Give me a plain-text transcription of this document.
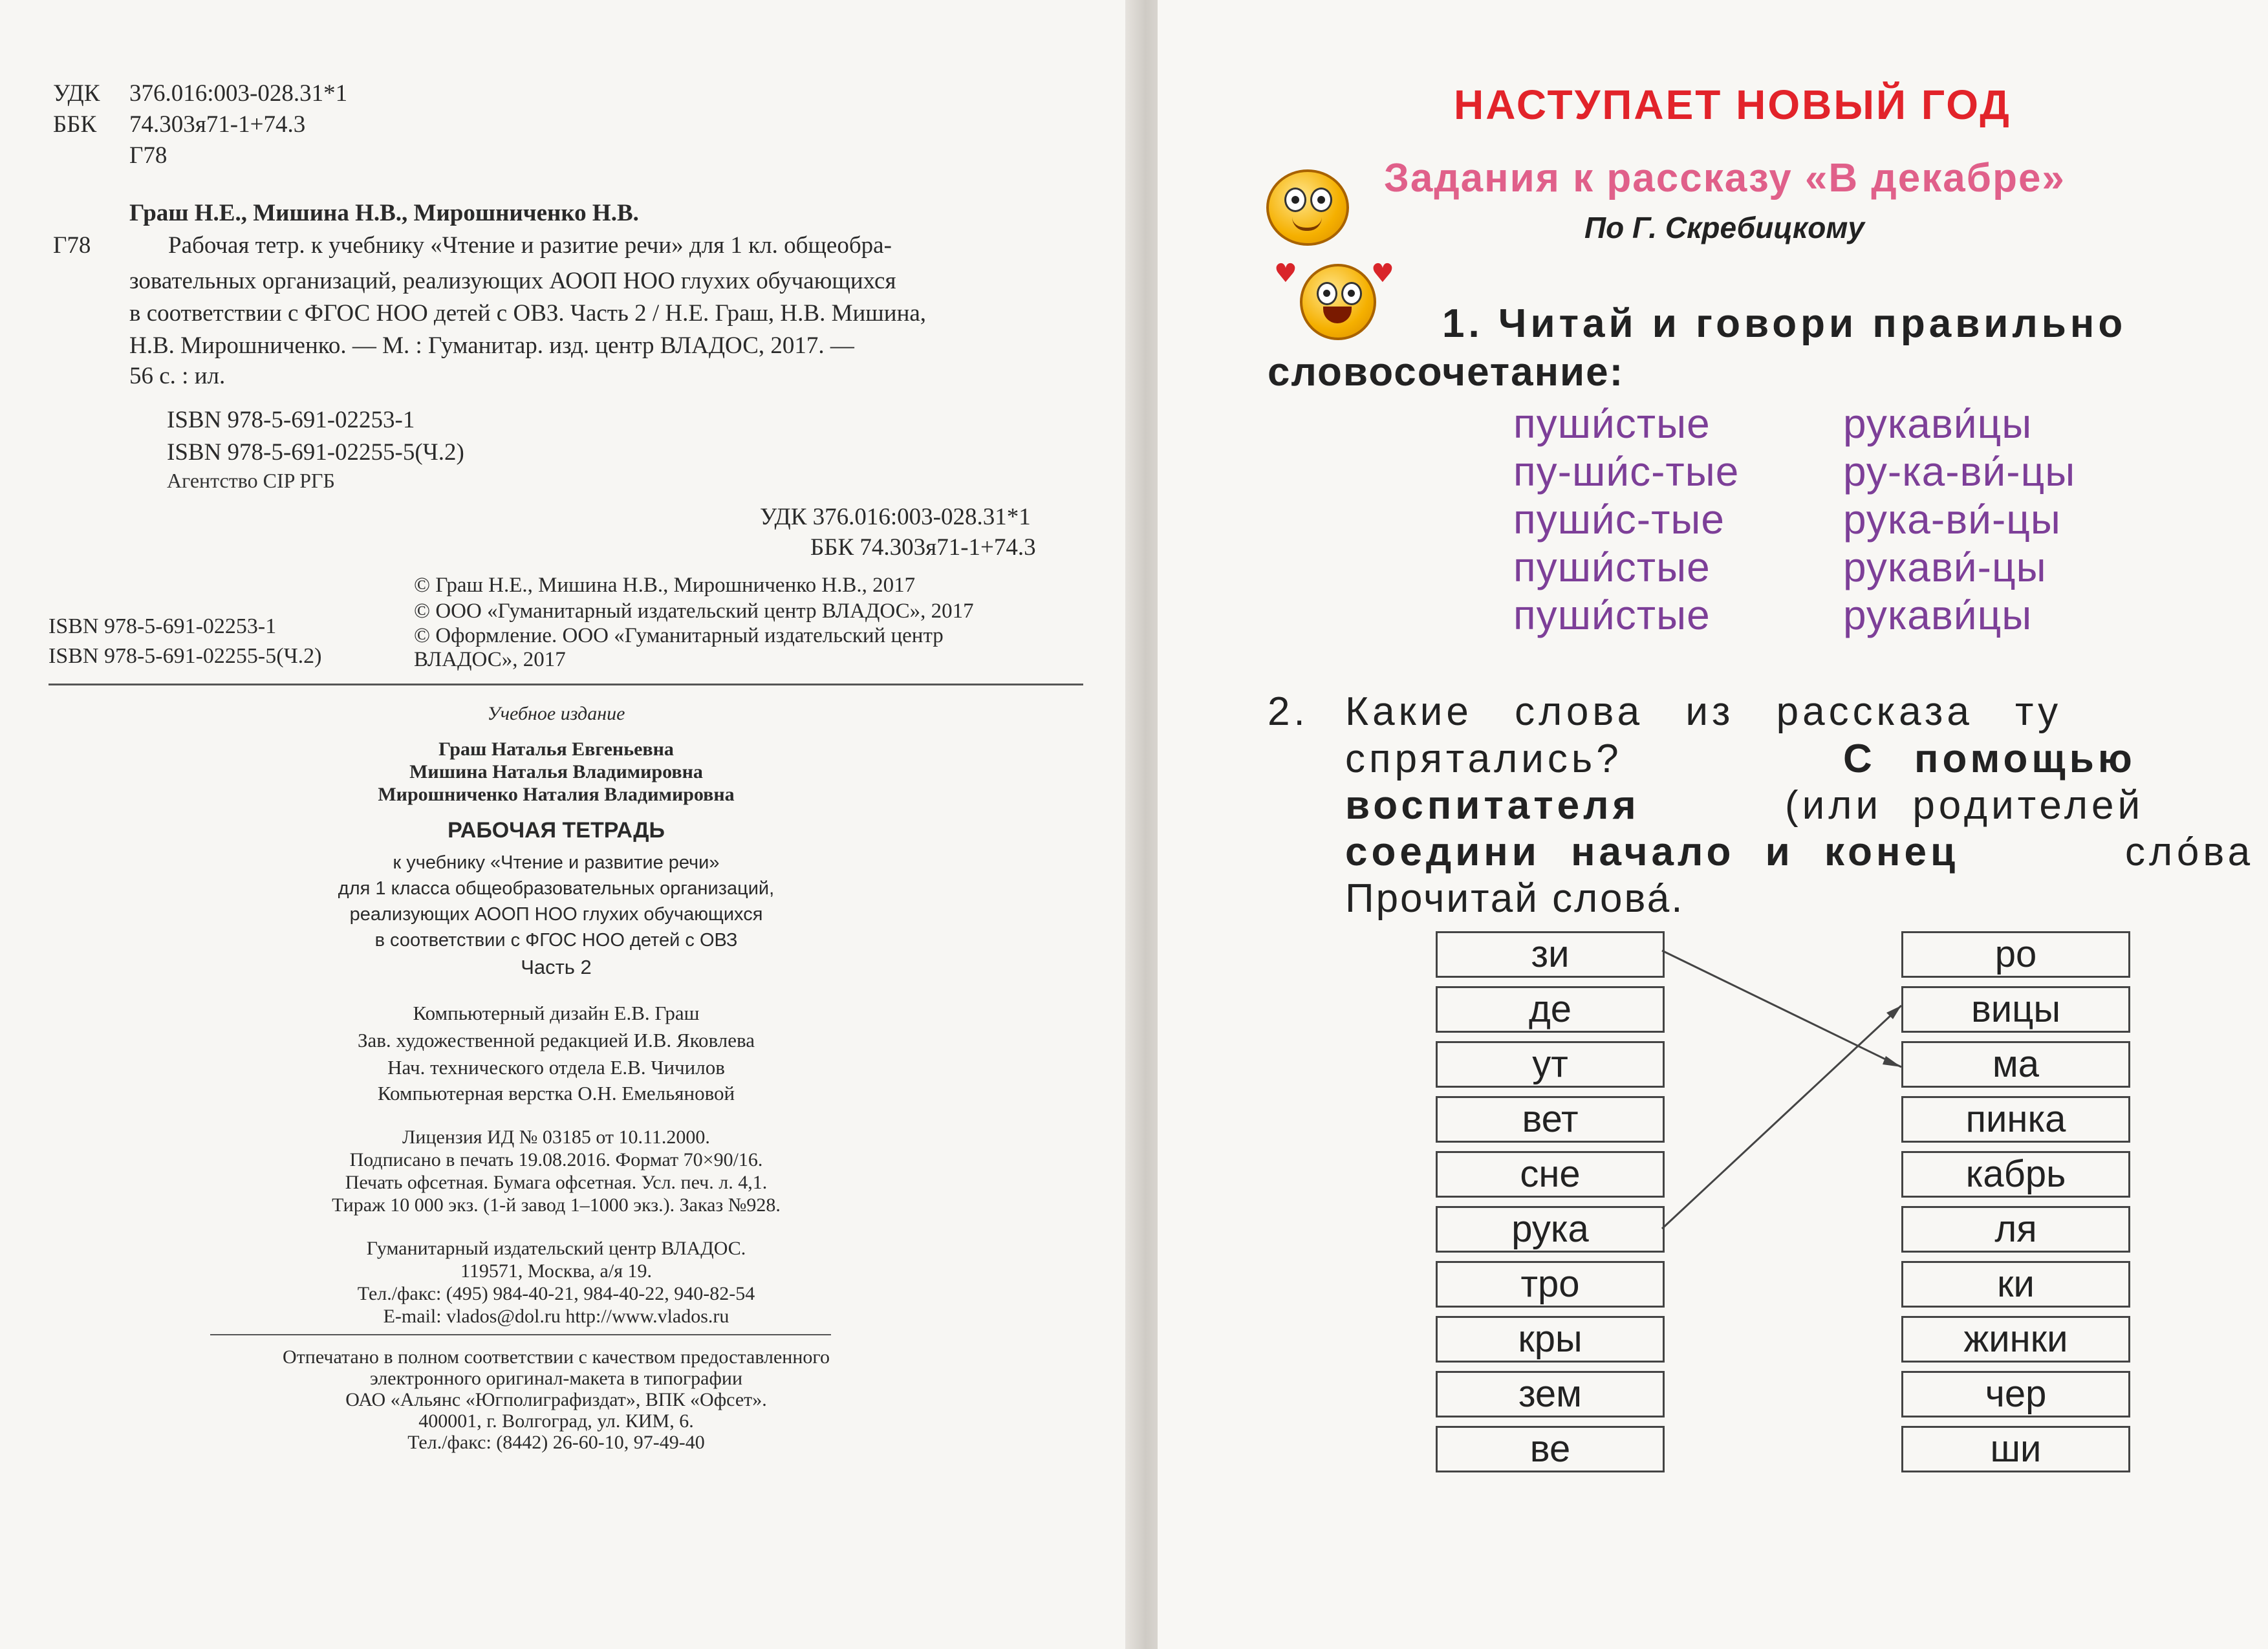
УДК 376.016:003-028.31*1
ББК 74.303я71-1+74.3
Г78
Граш Н.Е., Мишина Н.В., Мирошниченко Н.В.
Г78	Рабочая тетр. к учебнику «Чтение и разитие речи» для 1 кл. общеобра-
зовательных организаций, реализующих АООП НОО глухих обучающихся
в соответствии с ФГОС НОО детей с ОВЗ. Часть 2 / Н.Е. Граш, Н.В. Мишина,
Н.В. Мирошниченко. — М. : Гуманитар. изд. центр ВЛАДОС, 2017. —
56 с. : ил.
ISBN 978-5-691-02253-1
ISBN 978-5-691-02255-5(Ч.2)
Агентство CIP РГБ
УДК 376.016:003-028.31*1
ББК 74.303я71-1+74.3
ISBN 978-5-691-02253-1
ISBN 978-5-691-02255-5(Ч.2)
© Граш Н.Е., Мишина Н.В., Мирошниченко Н.В., 2017
© ООО «Гуманитарный издательский центр ВЛАДОС», 2017
© Оформление. ООО «Гуманитарный издательский центр
ВЛАДОС», 2017
Учебное издание
Граш Наталья Евгеньевна
Мишина Наталья Владимировна
Мирошниченко Наталия Владимировна
РАБОЧАЯ ТЕТРАДЬ
к учебнику «Чтение и развитие речи»
для 1 класса общеобразовательных организаций,
реализующих АООП НОО глухих обучающихся
в соответствии с ФГОС НОО детей с ОВЗ
Часть 2
Компьютерный дизайн Е.В. Граш
Зав. художественной редакцией И.В. Яковлева
Нач. технического отдела Е.В. Чичилов
Компьютерная верстка О.Н. Емельяновой
Лицензия ИД № 03185 от 10.11.2000.
Подписано в печать 19.08.2016. Формат 70×90/16.
Печать офсетная. Бумага офсетная. Усл. печ. л. 4,1.
Тираж 10 000 экз. (1-й завод 1–1000 экз.). Заказ №928.
Гуманитарный издательский центр ВЛАДОС.
119571, Москва, а/я 19.
Тел./факс: (495) 984-40-21, 984-40-22, 940-82-54
E-mail: vlados@dol.ru http://www.vlados.ru
Отпечатано в полном соответствии с качеством предоставленного
электронного оригинал-макета в типографии
ОАО «Альянс «Югполиграфиздат», ВПК «Офсет».
400001, г. Волгоград, ул. КИМ, 6.
Тел./факс: (8442) 26-60-10, 97-49-40
НАСТУПАЕТ НОВЫЙ ГОД
Задания к рассказу «В декабре»
По Г. Скребицкому
♥	♥
1. Читай и говори правильно
словосочетание:
пуши́стые	рукави́цы
пу-ши́с-тые	ру-ка-ви́-цы
пуши́с-тые	рука-ви́-цы
пуши́стые	рукави́-цы
пуши́стые	рукави́цы
2. Какие слова из рассказа ту
спрятались?	С помощью
воспитателя	(или родителей
соедини начало и конец	сло́ва
Прочитай слова́.
зи
де
ут
вет
сне
рука
тро
кры
зем
ве
ро
вицы
ма
пинка
кабрь
ля
ки
жинки
чер
ши
